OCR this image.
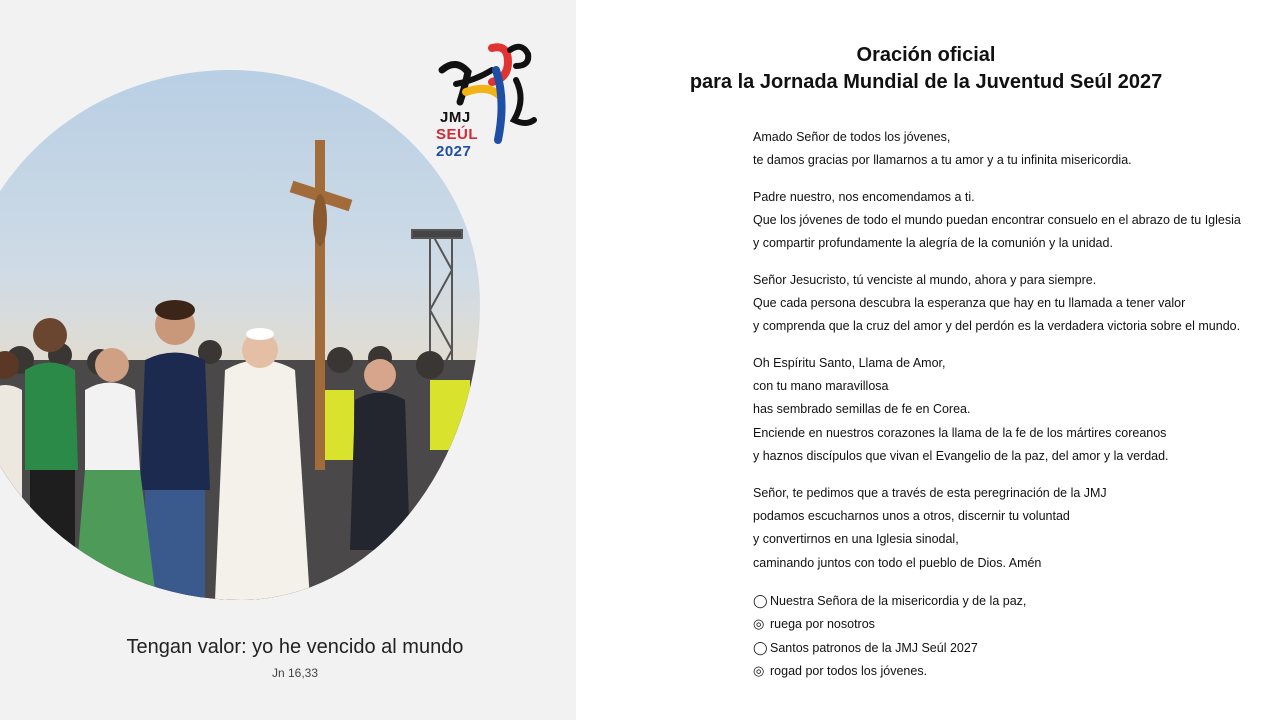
JMJ
SEÚL
2027
Tengan valor: yo he vencido al mundo
Jn 16,33
Oración oficial
para la Jornada Mundial de la Juventud Seúl 2027
Amado Señor de todos los jóvenes,
te damos gracias por llamarnos a tu amor y a tu infinita misericordia.
Padre nuestro, nos encomendamos a ti.
Que los jóvenes de todo el mundo puedan encontrar consuelo en el abrazo de tu Iglesia
y compartir profundamente la alegría de la comunión y la unidad.
Señor Jesucristo, tú venciste al mundo, ahora y para siempre.
Que cada persona descubra la esperanza que hay en tu llamada a tener valor
y comprenda que la cruz del amor y del perdón es la verdadera victoria sobre el mundo.
Oh Espíritu Santo, Llama de Amor,
con tu mano maravillosa
has sembrado semillas de fe en Corea.
Enciende en nuestros corazones la llama de la fe de los mártires coreanos
y haznos discípulos que vivan el Evangelio de la paz, del amor y la verdad.
Señor, te pedimos que a través de esta peregrinación de la JMJ
podamos escucharnos unos a otros, discernir tu voluntad
y convertirnos en una Iglesia sinodal,
caminando juntos con todo el pueblo de Dios. Amén
◯ Nuestra Señora de la misericordia y de la paz,
◎ ruega por nosotros
◯ Santos patronos de la JMJ Seúl 2027
◎ rogad por todos los jóvenes.
